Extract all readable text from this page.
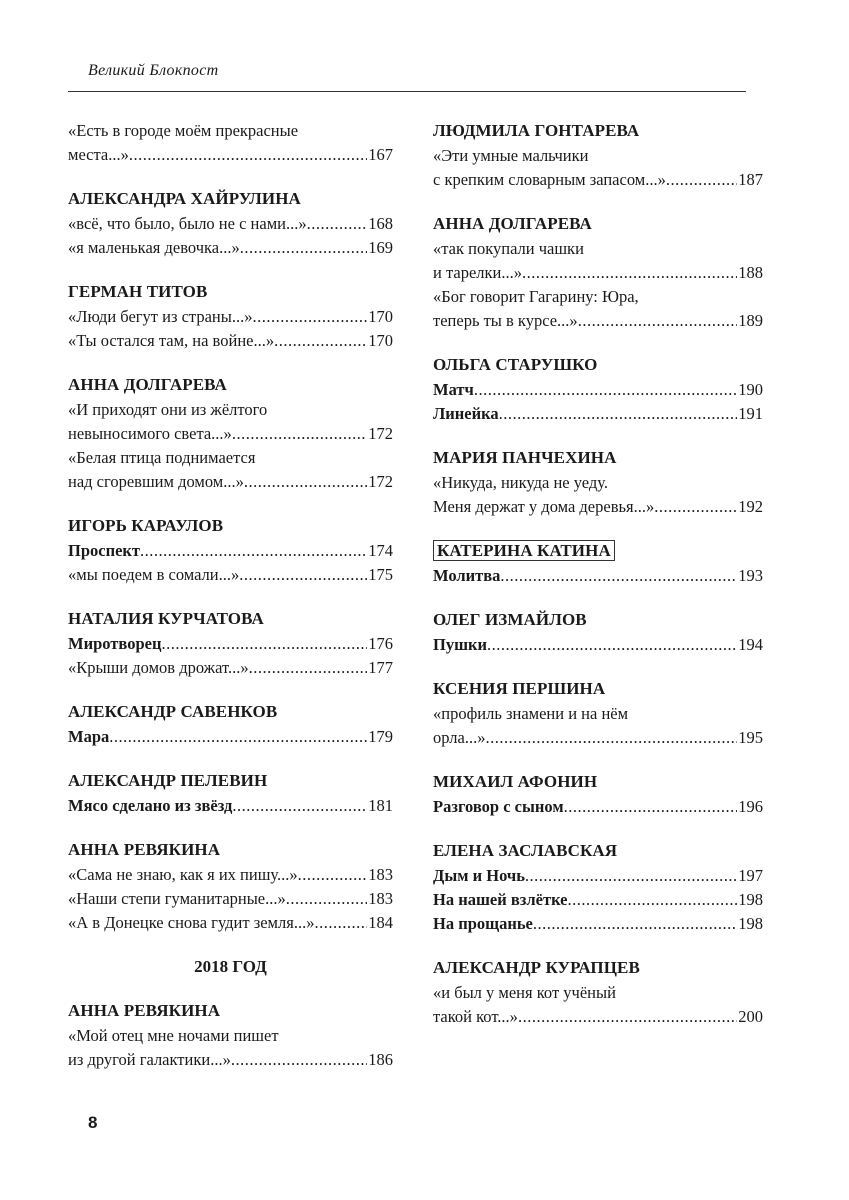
Великий Блокпост
«Есть в городе моём прекрасные
места...» .....	167
АЛЕКСАНДРА ХАЙРУЛИНА
«всё, что было, было не с нами...» .....	168
«я маленькая девочка...» .....	169
ГЕРМАН ТИТОВ
«Люди бегут из страны...» .....	170
«Ты остался там, на войне...» .....	170
АННА ДОЛГАРЕВА
«И приходят они из жёлтого
невыносимого света...» .....	172
«Белая птица поднимается
над сгоревшим домом...» .....	172
ИГОРЬ КАРАУЛОВ
Проспект .....	174
«мы поедем в сомали...» .....	175
НАТАЛИЯ КУРЧАТОВА
Миротворец .....	176
«Крыши домов дрожат...» .....	177
АЛЕКСАНДР САВЕНКОВ
Мара .....	179
АЛЕКСАНДР ПЕЛЕВИН
Мясо сделано из звёзд .....	181
АННА РЕВЯКИНА
«Сама не знаю, как я их пишу...» .....	183
«Наши степи гуманитарные...» .....	183
«А в Донецке снова гудит земля...» .....	184
2018 ГОД
АННА РЕВЯКИНА
«Мой отец мне ночами пишет
из другой галактики...» .....	186
ЛЮДМИЛА ГОНТАРЕВА
«Эти умные мальчики
с крепким словарным запасом...» .....	187
АННА ДОЛГАРЕВА
«так покупали чашки
и тарелки...» .....	188
«Бог говорит Гагарину: Юра,
теперь ты в курсе...» .....	189
ОЛЬГА СТАРУШКО
Матч .....	190
Линейка .....	191
МАРИЯ ПАНЧЕХИНА
«Никуда, никуда не уеду.
Меня держат у дома деревья...» .....	192
КАТЕРИНА КАТИНА
Молитва .....	193
ОЛЕГ ИЗМАЙЛОВ
Пушки .....	194
КСЕНИЯ ПЕРШИНА
«профиль знамени и на нём
орла...» .....	195
МИХАИЛ АФОНИН
Разговор с сыном .....	196
ЕЛЕНА ЗАСЛАВСКАЯ
Дым и Ночь .....	197
На нашей взлётке .....	198
На прощанье .....	198
АЛЕКСАНДР КУРАПЦЕВ
«и был у меня кот учёный
такой кот...» .....	200
8
